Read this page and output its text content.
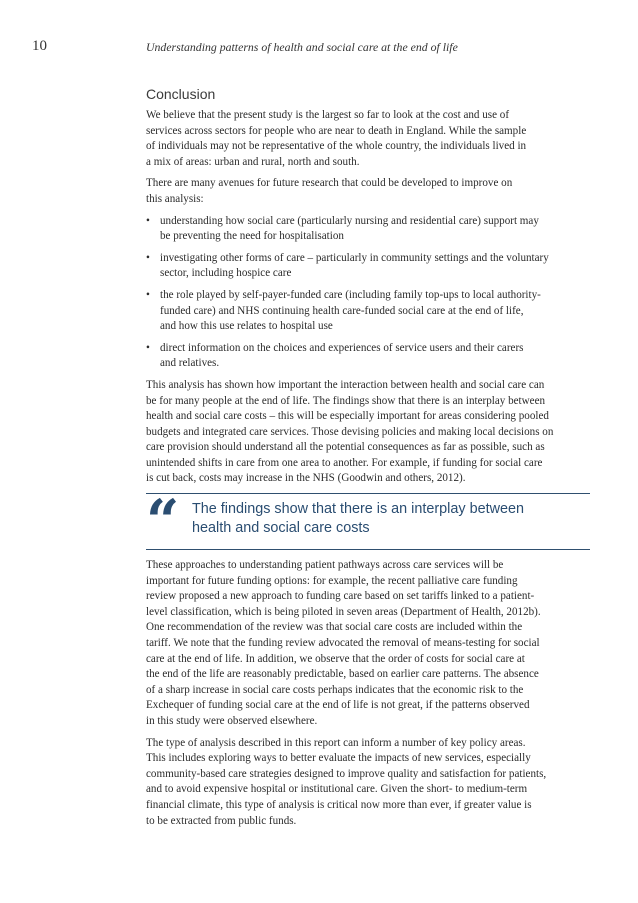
10	Understanding patterns of health and social care at the end of life
Conclusion

We believe that the present study is the largest so far to look at the cost and use of
services across sectors for people who are near to death in England. While the sample
of individuals may not be representative of the whole country, the individuals lived in
a mix of areas: urban and rural, north and south.

There are many avenues for future research that could be developed to improve on
this analysis:

• understanding how social care (particularly nursing and residential care) support may
be preventing the need for hospitalisation
• investigating other forms of care – particularly in community settings and the voluntary
sector, including hospice care
• the role played by self-payer-funded care (including family top-ups to local authority-
funded care) and NHS continuing health care-funded social care at the end of life,
and how this use relates to hospital use
• direct information on the choices and experiences of service users and their carers
and relatives.

This analysis has shown how important the interaction between health and social care can
be for many people at the end of life. The findings show that there is an interplay between
health and social care costs – this will be especially important for areas considering pooled
budgets and integrated care services. Those devising policies and making local decisions on
care provision should understand all the potential consequences as far as possible, such as
unintended shifts in care from one area to another. For example, if funding for social care
is cut back, costs may increase in the NHS (Goodwin and others, 2012).

“ The findings show that there is an interplay between
health and social care costs

These approaches to understanding patient pathways across care services will be
important for future funding options: for example, the recent palliative care funding
review proposed a new approach to funding care based on set tariffs linked to a patient-
level classification, which is being piloted in seven areas (Department of Health, 2012b).
One recommendation of the review was that social care costs are included within the
tariff. We note that the funding review advocated the removal of means-testing for social
care at the end of life. In addition, we observe that the order of costs for social care at
the end of the life are reasonably predictable, based on earlier care patterns. The absence
of a sharp increase in social care costs perhaps indicates that the economic risk to the
Exchequer of funding social care at the end of life is not great, if the patterns observed
in this study were observed elsewhere.

The type of analysis described in this report can inform a number of key policy areas.
This includes exploring ways to better evaluate the impacts of new services, especially
community-based care strategies designed to improve quality and satisfaction for patients,
and to avoid expensive hospital or institutional care. Given the short- to medium-term
financial climate, this type of analysis is critical now more than ever, if greater value is
to be extracted from public funds.
